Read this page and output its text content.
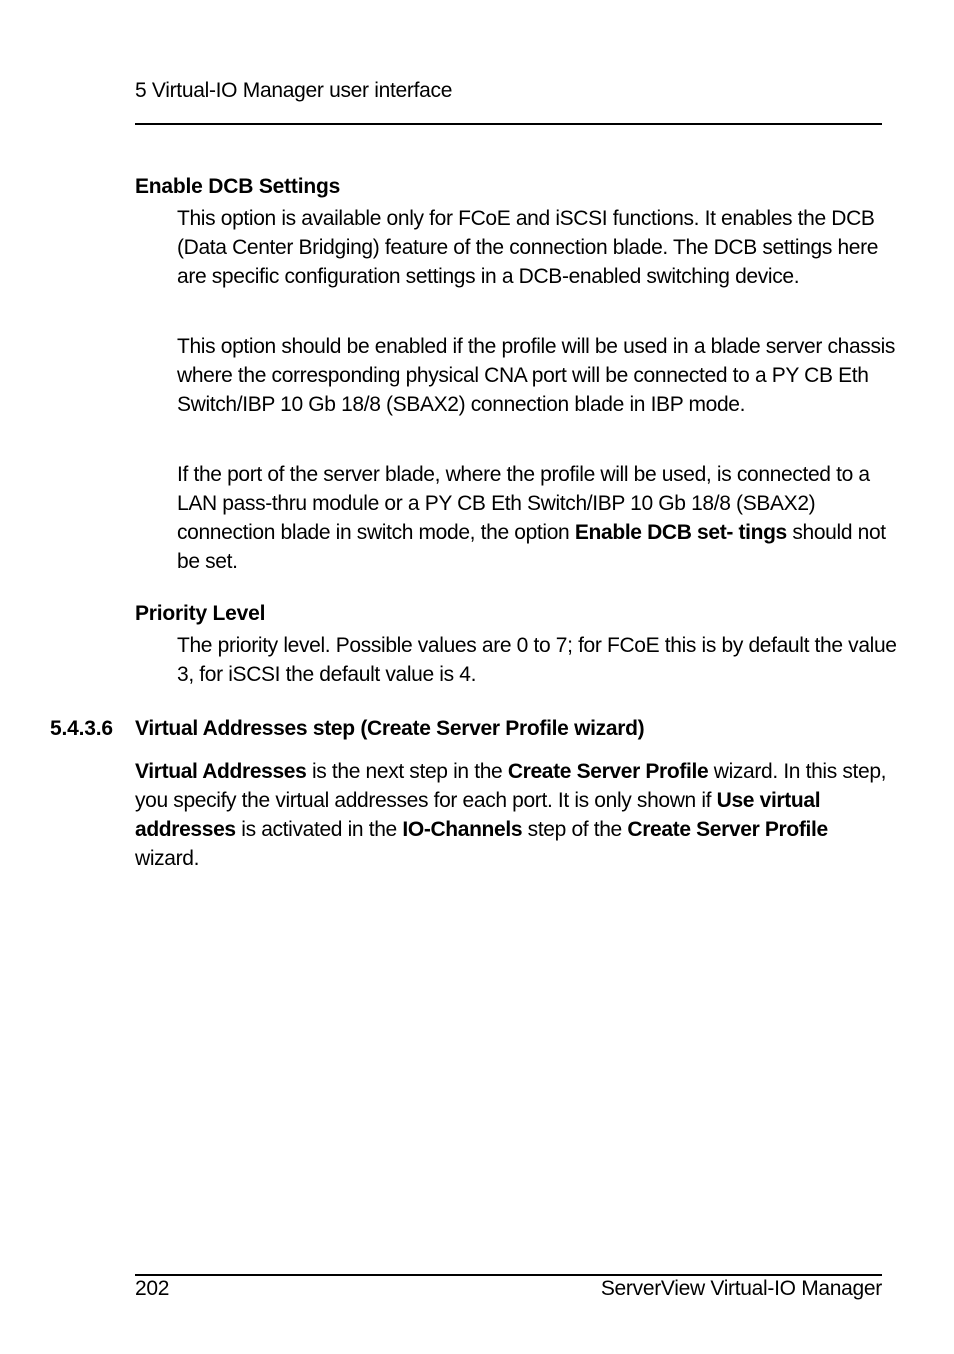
5 Virtual-IO Manager user interface
Enable DCB Settings

This option is available only for FCoE and iSCSI functions. It enables the DCB (Data Center Bridging) feature of the connection blade. The DCB settings here are specific configuration settings in a DCB-enabled switching device.

This option should be enabled if the profile will be used in a blade server chassis where the corresponding physical CNA port will be connected to a PY CB Eth Switch/IBP 10 Gb 18/8 (SBAX2) connection blade in IBP mode.

If the port of the server blade, where the profile will be used, is connected to a LAN pass-thru module or a PY CB Eth Switch/IBP 10 Gb 18/8 (SBAX2) connection blade in switch mode, the option Enable DCB set- tings should not be set.

Priority Level

The priority level. Possible values are 0 to 7; for FCoE this is by default the value 3, for iSCSI the default value is 4.

5.4.3.6 Virtual Addresses step (Create Server Profile wizard)

Virtual Addresses is the next step in the Create Server Profile wizard. In this step, you specify the virtual addresses for each port. It is only shown if Use virtual addresses is activated in the IO-Channels step of the Create Server Profile wizard.

202	ServerView Virtual-IO Manager
